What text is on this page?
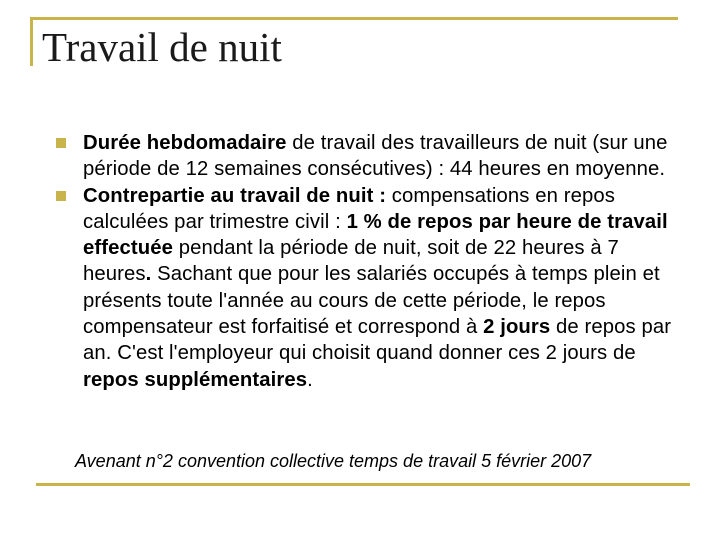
Travail de nuit
Durée hebdomadaire de travail des travailleurs de nuit (sur une période de 12 semaines consécutives) : 44 heures en moyenne.
Contrepartie au travail de nuit : compensations en repos calculées par trimestre civil : 1 % de repos par heure de travail effectuée pendant la période de nuit, soit de 22 heures à 7 heures. Sachant que pour les salariés occupés à temps plein et présents toute l'année au cours de cette période, le repos compensateur est forfaitisé et correspond à 2 jours de repos par an. C'est l'employeur qui choisit quand donner ces 2 jours de repos supplémentaires.
Avenant n°2 convention collective temps de travail 5 février 2007
